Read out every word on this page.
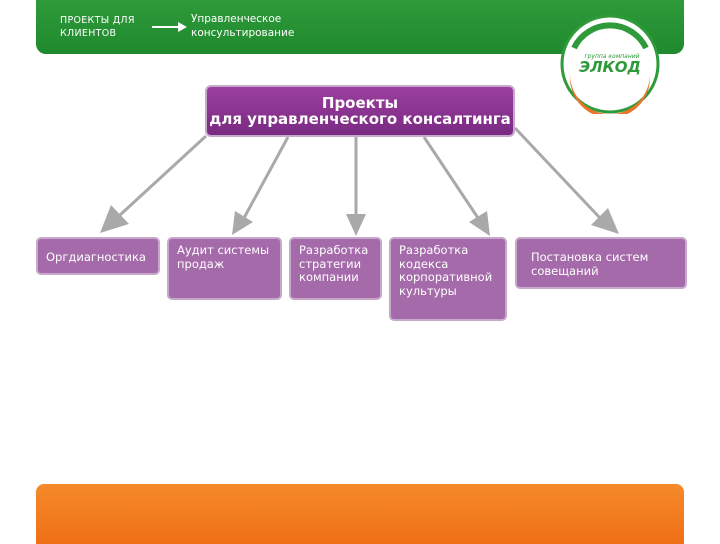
ПРОЕКТЫ ДЛЯ КЛИЕНТОВ
Управленческое консультирование
группа компаний
ЭЛКОД
Проекты
для управленческого консалтинга
Оргдиагностика	Аудит системы продаж
Разработка стратегии компании
Разработка кодекса корпоративной культуры
Постановка систем совещаний
